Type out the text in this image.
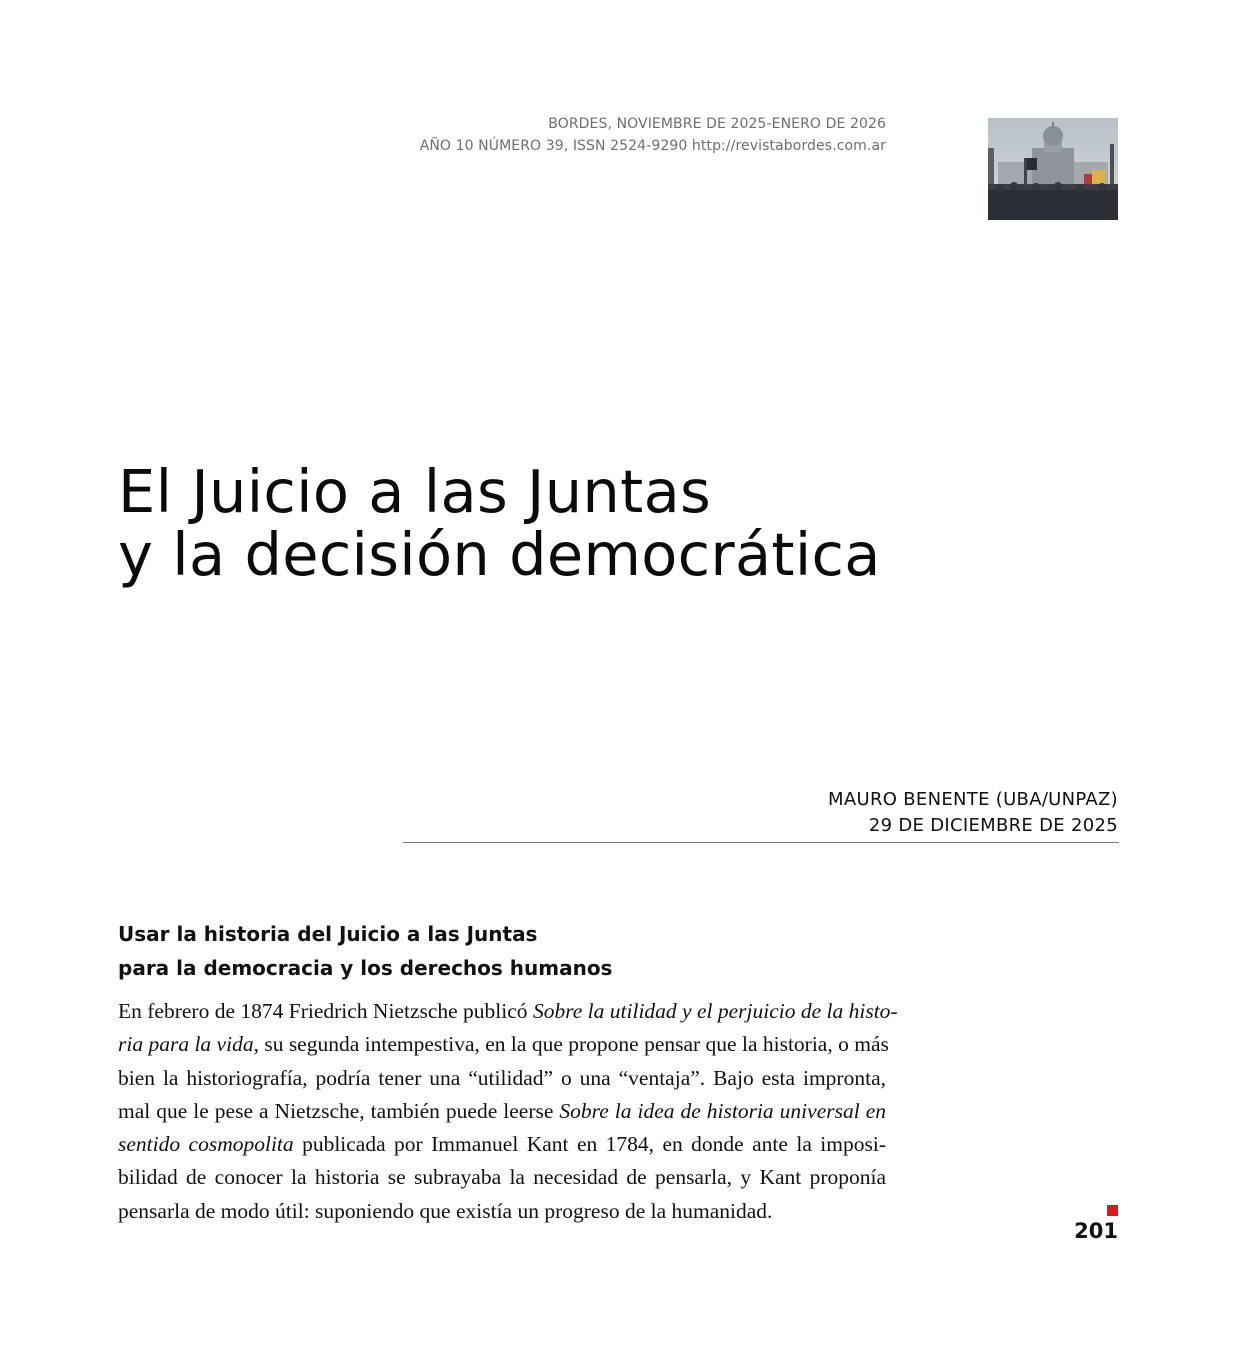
BORDES, NOVIEMBRE DE 2025-ENERO DE 2026
AÑO 10 NÚMERO 39, ISSN 2524-9290 http://revistabordes.com.ar
El Juicio a las Juntas
y la decisión democrática
MAURO BENENTE (UBA/UNPAZ)
29 DE DICIEMBRE DE 2025
Usar la historia del Juicio a las Juntas
para la democracia y los derechos humanos
En febrero de 1874 Friedrich Nietzsche publicó Sobre la utilidad y el perjuicio de la histo-
ria para la vida, su segunda intempestiva, en la que propone pensar que la historia, o más
bien la historiografía, podría tener una “utilidad” o una “ventaja”. Bajo esta impronta,
mal que le pese a Nietzsche, también puede leerse Sobre la idea de historia universal en
sentido cosmopolita publicada por Immanuel Kant en 1784, en donde ante la imposi-
bilidad de conocer la historia se subrayaba la necesidad de pensarla, y Kant proponía
pensarla de modo útil: suponiendo que existía un progreso de la humanidad.
201
